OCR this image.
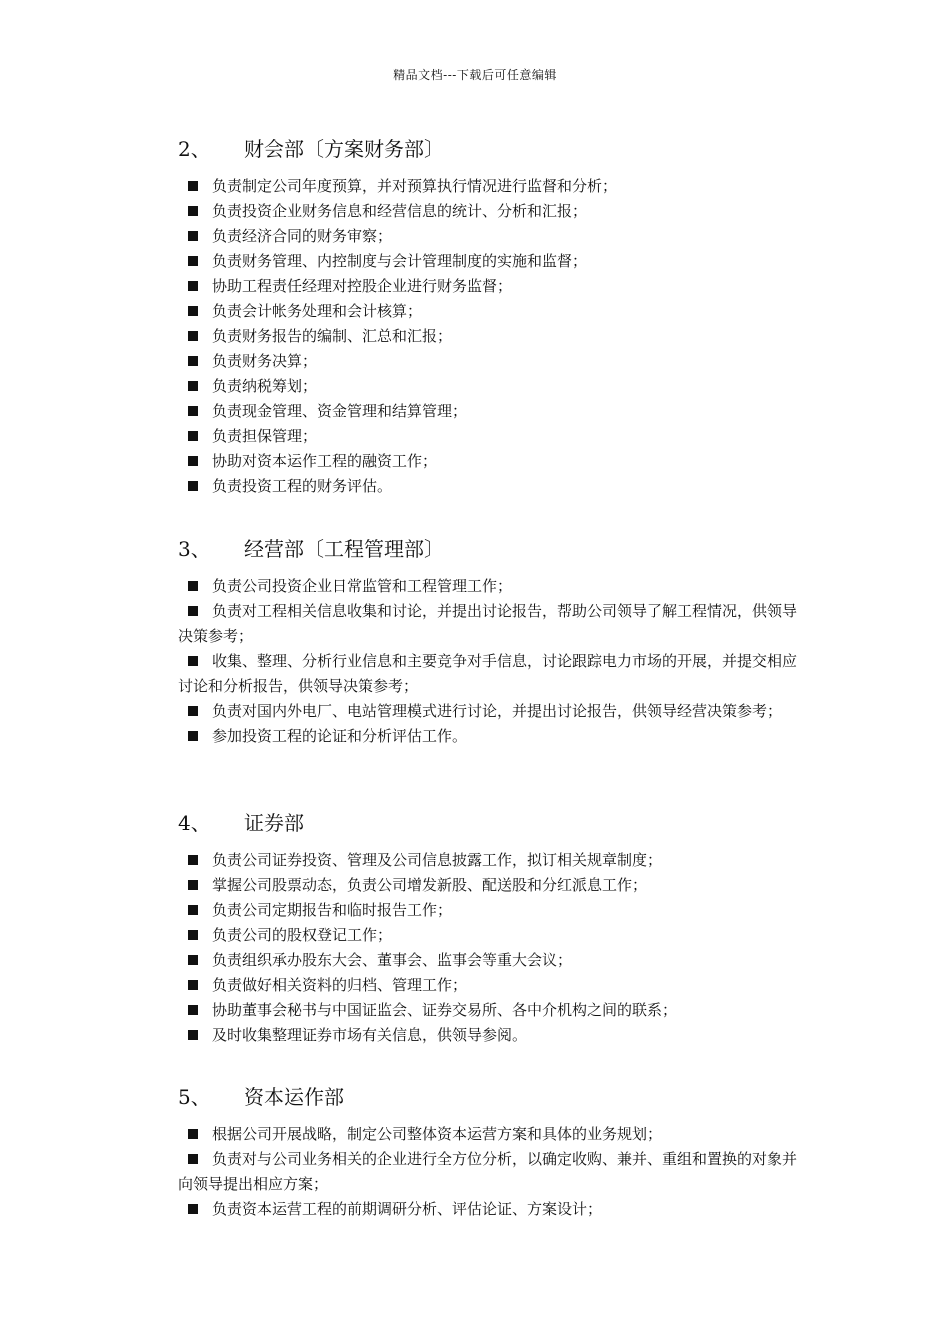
精品文档---下载后可任意编辑
2、	财会部〔方案财务部〕
负责制定公司年度预算，并对预算执行情况进行监督和分析；
负责投资企业财务信息和经营信息的统计、分析和汇报；
负责经济合同的财务审察；
负责财务管理、内控制度与会计管理制度的实施和监督；
协助工程责任经理对控股企业进行财务监督；
负责会计帐务处理和会计核算；
负责财务报告的编制、汇总和汇报；
负责财务决算；
负责纳税筹划；
负责现金管理、资金管理和结算管理；
负责担保管理；
协助对资本运作工程的融资工作；
负责投资工程的财务评估。
3、	经营部〔工程管理部〕
负责公司投资企业日常监管和工程管理工作；
负责对工程相关信息收集和讨论，并提出讨论报告，帮助公司领导了解工程情况，供领导决策参考；
收集、整理、分析行业信息和主要竞争对手信息，讨论跟踪电力市场的开展，并提交相应讨论和分析报告，供领导决策参考；
负责对国内外电厂、电站管理模式进行讨论，并提出讨论报告，供领导经营决策参考；
参加投资工程的论证和分析评估工作。
4、	证券部
负责公司证券投资、管理及公司信息披露工作，拟订相关规章制度；
掌握公司股票动态，负责公司增发新股、配送股和分红派息工作；
负责公司定期报告和临时报告工作；
负责公司的股权登记工作；
负责组织承办股东大会、董事会、监事会等重大会议；
负责做好相关资料的归档、管理工作；
协助董事会秘书与中国证监会、证券交易所、各中介机构之间的联系；
及时收集整理证券市场有关信息，供领导参阅。
5、	资本运作部
根据公司开展战略，制定公司整体资本运营方案和具体的业务规划；
负责对与公司业务相关的企业进行全方位分析，以确定收购、兼并、重组和置换的对象并向领导提出相应方案；
负责资本运营工程的前期调研分析、评估论证、方案设计；
